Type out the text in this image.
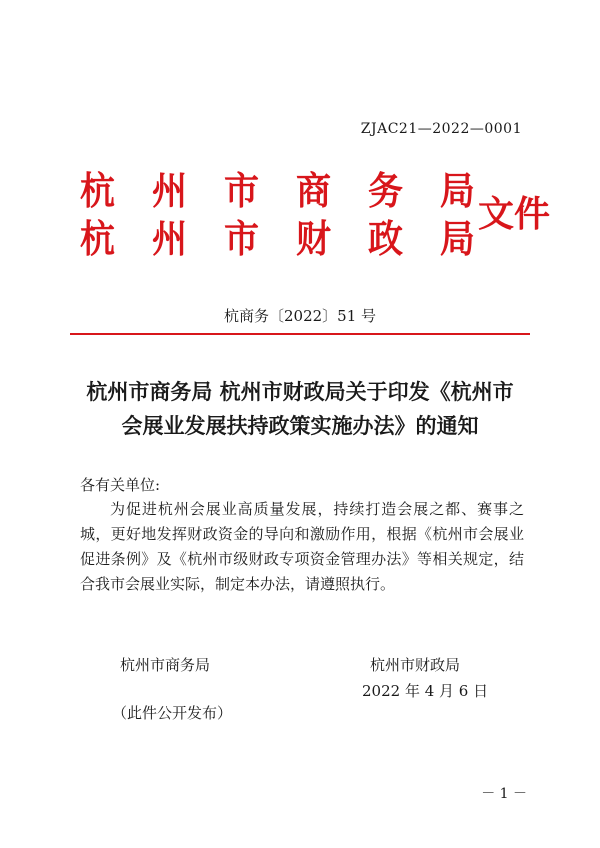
ZJAC21—2022—0001
杭 州 市 商 务 局
杭 州 市 财 政 局
文件
杭商务〔2022〕51 号
杭州市商务局 杭州市财政局关于印发《杭州市
会展业发展扶持政策实施办法》的通知
各有关单位:
为促进杭州会展业高质量发展，持续打造会展之都、赛事之城，更好地发挥财政资金的导向和激励作用，根据《杭州市会展业促进条例》及《杭州市级财政专项资金管理办法》等相关规定，结合我市会展业实际，制定本办法，请遵照执行。
杭州市商务局	杭州市财政局
2022 年 4 月 6 日
（此件公开发布）
－ 1 －
